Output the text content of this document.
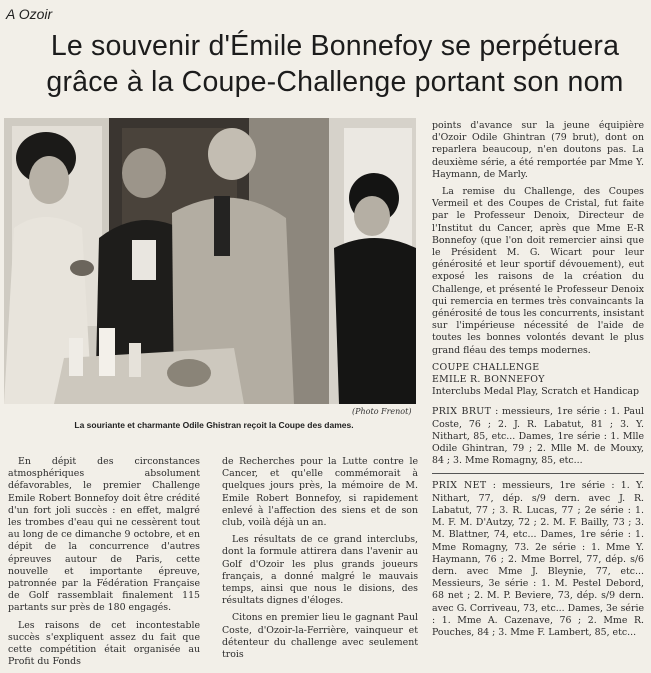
A Ozoir
Le souvenir d'Émile Bonnefoy se perpétuera
grâce à la Coupe-Challenge portant son nom
(Photo Frenot)
La souriante et charmante Odile Ghistran reçoit la Coupe des dames.

En dépit des circonstances atmosphériques absolument défavorables, le premier Challenge Emile Robert Bonnefoy doit être crédité d'un fort joli succès : en effet, malgré les trombes d'eau qui ne cessèrent tout au long de ce dimanche 9 octobre, et en dépit de la concurrence d'autres épreuves autour de Paris, cette nouvelle et importante épreuve, patronnée par la Fédération Française de Golf rassemblait finalement 115 partants sur près de 180 engagés.

Les raisons de cet incontestable succès s'expliquent assez du fait que cette compétition était organisée au Profit du Fonds

de Recherches pour la Lutte contre le Cancer, et qu'elle commémorait à quelques jours près, la mémoire de M. Emile Robert Bonnefoy, si rapidement enlevé à l'affection des siens et de son club, voilà déjà un an.

Les résultats de ce grand interclubs, dont la formule attirera dans l'avenir au Golf d'Ozoir les plus grands joueurs français, a donné malgré le mauvais temps, ainsi que nous le disions, des résultats dignes d'éloges.

Citons en premier lieu le gagnant Paul Coste, d'Ozoir-la-Ferrière, vainqueur et détenteur du challenge avec seulement trois

points d'avance sur la jeune équipière d'Ozoir Odile Ghintran (79 brut), dont on reparlera beaucoup, n'en doutons pas. La deuxième série, a été remportée par Mme Y. Haymann, de Marly.

La remise du Challenge, des Coupes Vermeil et des Coupes de Cristal, fut faite par le Professeur Denoix, Directeur de l'Institut du Cancer, après que Mme E-R Bonnefoy (que l'on doit remercier ainsi que le Président M. G. Wicart pour leur générosité et leur sportif dévouement), eut exposé les raisons de la création du Challenge, et présenté le Professeur Denoix qui remercia en termes très convaincants la générosité de tous les concurrents, insistant sur l'impérieuse nécessité de l'aide de toutes les bonnes volontés devant le plus grand fléau des temps modernes.

COUPE CHALLENGE

EMILE R. BONNEFOY

Interclubs Medal Play, Scratch et Handicap

PRIX BRUT : messieurs, 1re série : 1. Paul Coste, 76 ; 2. J. R. Labatut, 81 ; 3. Y. Nithart, 85, etc... Dames, 1re série : 1. Mlle Odile Ghintran, 79 ; 2. Mlle M. de Mouxy, 84 ; 3. Mme Romagny, 85, etc...

PRIX NET : messieurs, 1re série : 1. Y. Nithart, 77, dép. s/9 dern. avec J. R. Labatut, 77 ; 3. R. Lucas, 77 ; 2e série : 1. M. F. M. D'Autzy, 72 ; 2. M. F. Bailly, 73 ; 3. M. Blattner, 74, etc... Dames, 1re série : 1. Mme Romagny, 73. 2e série : 1. Mme Y. Haymann, 76 ; 2. Mme Borrel, 77, dép. s/6 dern. avec Mme J. Bleynie, 77, etc... Messieurs, 3e série : 1. M. Pestel Debord, 68 net ; 2. M. P. Beviere, 73, dép. s/9 dern. avec G. Corriveau, 73, etc... Dames, 3e série : 1. Mme A. Cazenave, 76 ; 2. Mme R. Pouches, 84 ; 3. Mme F. Lambert, 85, etc...
